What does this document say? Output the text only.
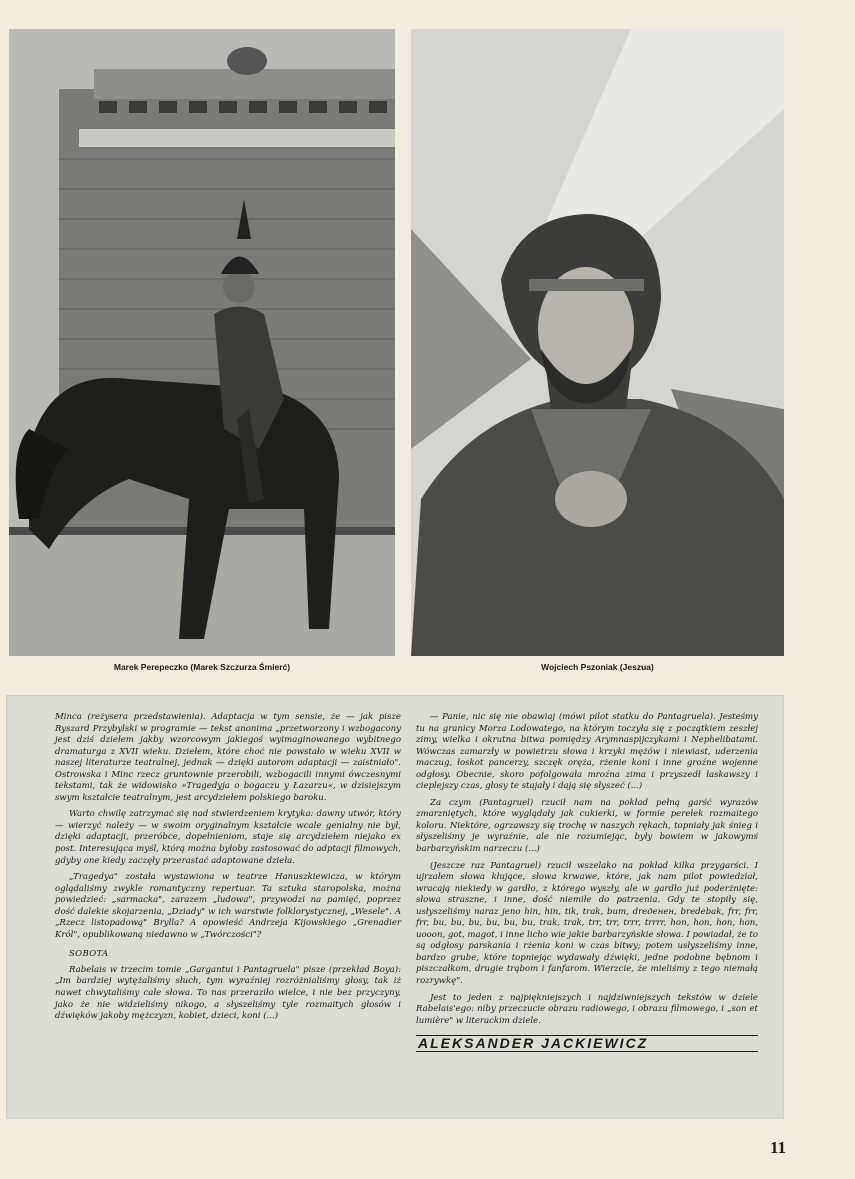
Marek Perepeczko (Marek Szczurza Śmierć)	Wojciech Pszoniak (Jeszua)

Minca (reżysera przedstawienia). Adaptacja w tym sensie, że — jak pisze Ryszard Przybylski w programie — tekst anonima „przetworzony i wzbogacony jest dziś dziełem jakby wzorcowym jakiegoś wyimaginowanego wybitnego dramaturga z XVII wieku. Dziełem, które choć nie powstało w wieku XVII w naszej literaturze teatralnej, jednak — dzięki autorom adaptacji — zaistniało". Ostrowska i Minc rzecz gruntownie przerobili, wzbogacili innymi ówczesnymi tekstami, tak że widowisko »Tragedyja o bogaczu y Łazarzu«, w dzisiejszym swym kształcie teatralnym, jest arcydziełem polskiego baroku.

Warto chwilę zatrzymać się nad stwierdzeniem krytyka: dawny utwór, który — wierzyć należy — w swoim oryginalnym kształcie wcale genialny nie był, dzięki adaptacji, przeróbce, dopełnieniom, staje się arcydziełem niejako ex post. Interesująca myśl, którą można byłoby zastosować do adptacji filmowych, gdyby one kiedy zaczęły przerastać adaptowane dzieła.

„Tragedya" została wystawiona w teatrze Hanuszkiewicza, w którym oglądaliśmy zwykle romantyczny repertuar. Ta sztuka staropolska, można powiedzieć: „sarmacka", zarazem „ludowa", przywodzi na pamięć, poprzez dość dalekie skojarzenia, „Dziady" w ich warstwie folklorystycznej, „Wesele". A „Rzecz listopadową" Brylla? A opowieść Andrzeja Kijowskiego „Grenadier Król", opublikowaną niedawno w „Twórczości"?

SOBOTA

Rabelais w trzecim tomie „Gargantui i Pantagruela" pisze (przekład Boya): „Im bardziej wytężaliśmy słuch, tym wyraźniej rozróżnialiśmy głosy, tak iż nawet chwytaliśmy całe słowa. To nas przeraziło wielce, i nie bez przyczyny, jako że nie widzieliśmy nikogo, a słyszeliśmy tyle rozmaitych głosów i dźwięków jakoby mężczyzn, kobiet, dzieci, koni (...)

— Panie, nic się nie obawiaj (mówi pilot statku do Pantagruela). Jesteśmy tu na granicy Morza Lodowatego, na którym toczyła się z początkiem zeszłej zimy, wielka i okrutna bitwa pomiędzy Arymnaspijczykami i Nephelibatami. Wówczas zamarzły w powietrzu słowa i krzyki mężów i niewiast, uderzenia maczug, łoskot pancerzy, szczęk oręża, rżenie koni i inne groźne wojenne odgłosy. Obecnie, skoro pofolgowała mroźna zima i przyszedł łaskawszy i cieplejszy czas, głosy te stajały i dają się słyszeć (...)

Za czym (Pantagruel) rzucił nam na pokład pełną garść wyrazów zmarzniętych, które wyglądały jak cukierki, w formie perełek rozmaitego koloru. Niektóre, ogrzawszy się trochę w naszych rękach, topniały jak śnieg i słyszeliśmy je wyraźnie, ale nie rozumiejąc, były bowiem w jakowymś barbarzyńskim narzeczu (...)

(Jeszcze raz Pantagruel) rzucił wszelako na pokład kilka przygarści. I ujrzałem słowa kłujące, słowa krwawe, które, jak nam pilot powiedział, wracają niekiedy w gardło, z którego wyszły, ale w gardło już poderżnięte: słowa straszne, i inne, dość niemiłe do patrzenia. Gdy te stopiły się, usłyszeliśmy naraz jeno hin, hin, tik, trak, bum, dreденен, bredebak, frr, frr, frr, bu, bu, bu, bu, bu, bu, trak, trak, trr, trr, trrr, trrrr, hon, hon, hon, hon, uooon, got, magot, i inne licho wie jakie barbarzyńskie słowa. I powiadał, że to są odgłosy parskania i rżenia koni w czas bitwy; potem usłyszeliśmy inne, bardzo grube, które topniejąc wydawały dźwięki, jedne podobne bębnom i piszczałkom, drugie trąbom i fanfarom. Wierzcie, że mieliśmy z tego niemałą rozrywkę".

Jest to jeden z najpiękniejszych i najdziwniejszych tekstów w dziele Rabelais'ego: niby przeczucie obrazu radiowego, i obrazu filmowego, i „son et lumière" w literackim dziele.

ALEKSANDER JACKIEWICZ
11
